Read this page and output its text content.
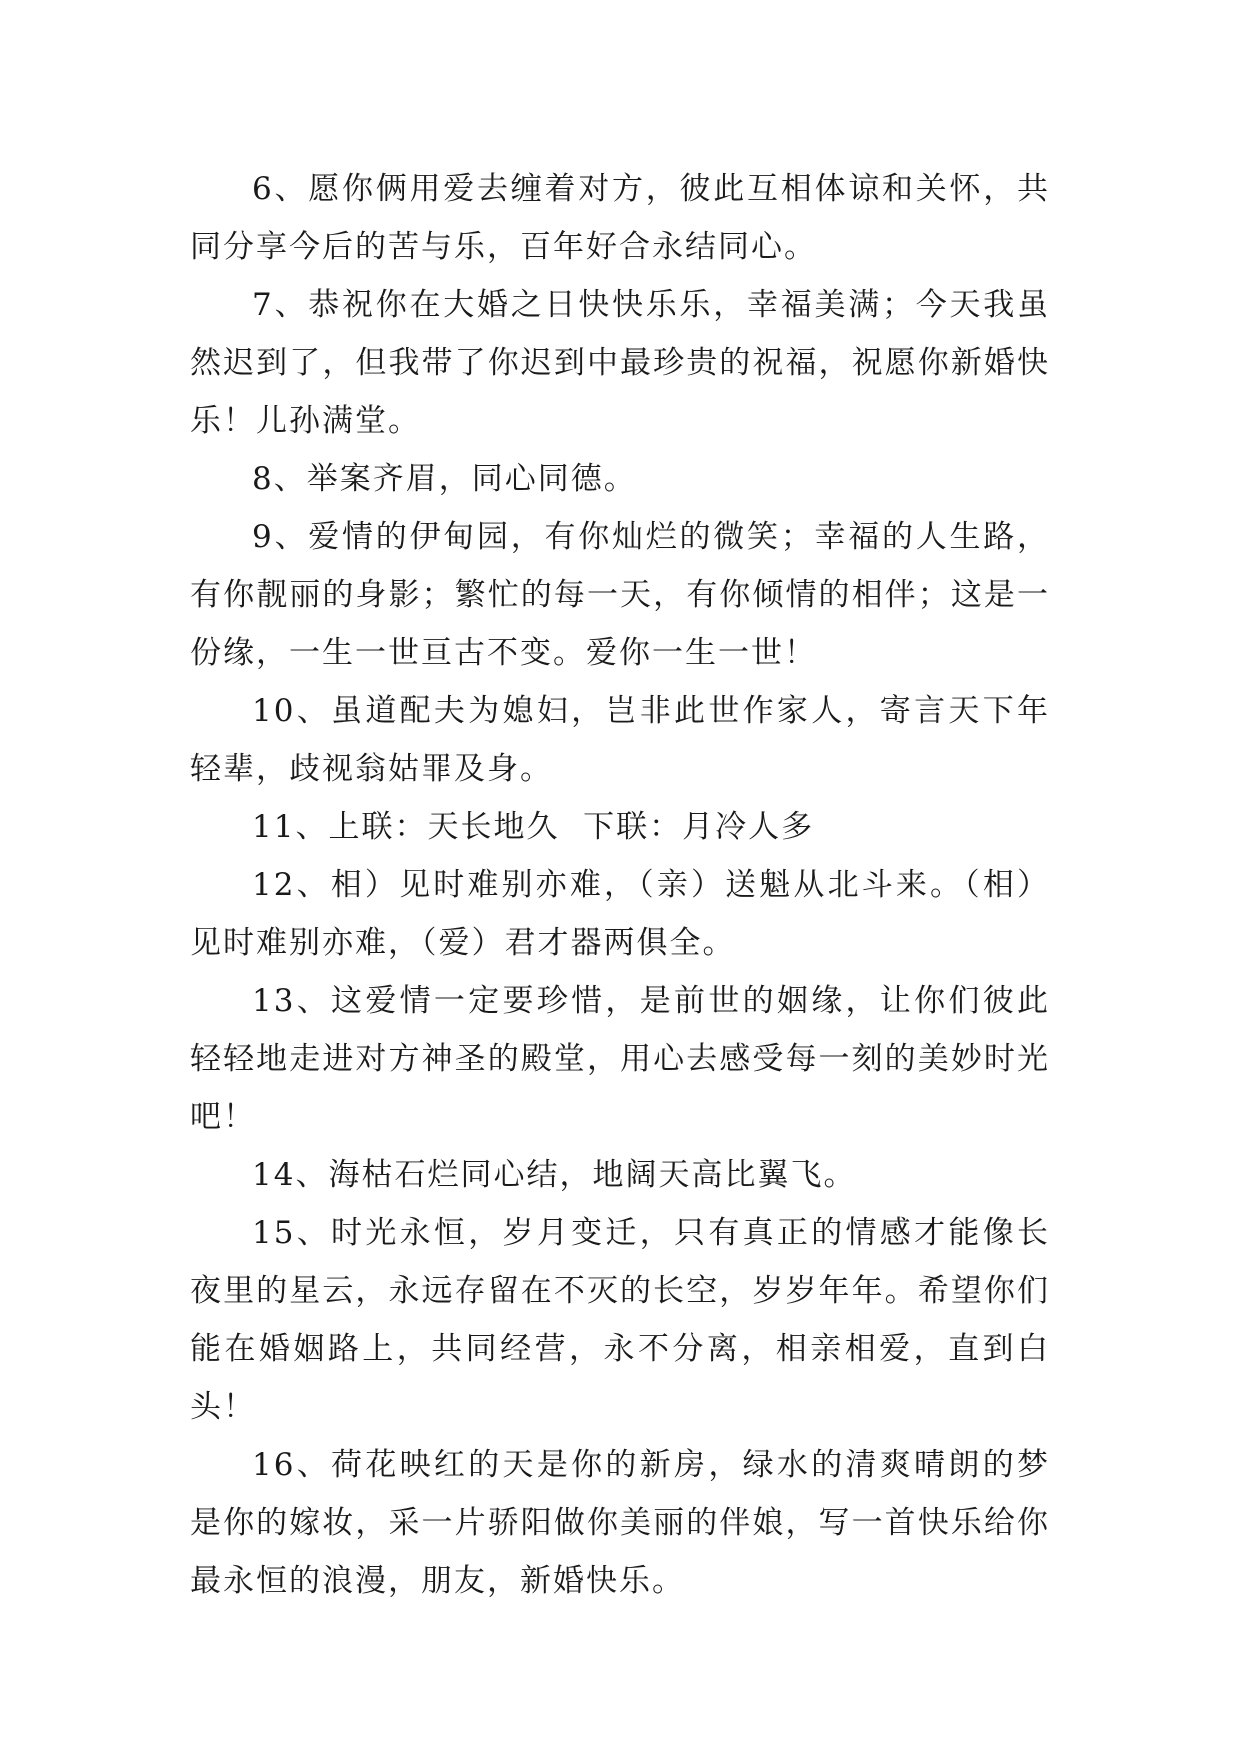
6、愿你俩用爱去缠着对方，彼此互相体谅和关怀，共同分享今后的苦与乐，百年好合永结同心。

7、恭祝你在大婚之日快快乐乐，幸福美满；今天我虽然迟到了，但我带了你迟到中最珍贵的祝福，祝愿你新婚快乐！儿孙满堂。

8、举案齐眉，同心同德。

9、爱情的伊甸园，有你灿烂的微笑；幸福的人生路，有你靓丽的身影；繁忙的每一天，有你倾情的相伴；这是一份缘，一生一世亘古不变。爱你一生一世！

10、虽道配夫为媳妇，岂非此世作家人，寄言天下年轻辈，歧视翁姑罪及身。

11、上联：天长地久  下联：月冷人多

12、相）见时难别亦难，（亲）送魁从北斗来。（相）见时难别亦难，（爱）君才器两俱全。

13、这爱情一定要珍惜，是前世的姻缘，让你们彼此轻轻地走进对方神圣的殿堂，用心去感受每一刻的美妙时光吧！

14、海枯石烂同心结，地阔天高比翼飞。

15、时光永恒，岁月变迁，只有真正的情感才能像长夜里的星云，永远存留在不灭的长空，岁岁年年。希望你们能在婚姻路上，共同经营，永不分离，相亲相爱，直到白头！

16、荷花映红的天是你的新房，绿水的清爽晴朗的梦是你的嫁妆，采一片骄阳做你美丽的伴娘，写一首快乐给你最永恒的浪漫，朋友，新婚快乐。
